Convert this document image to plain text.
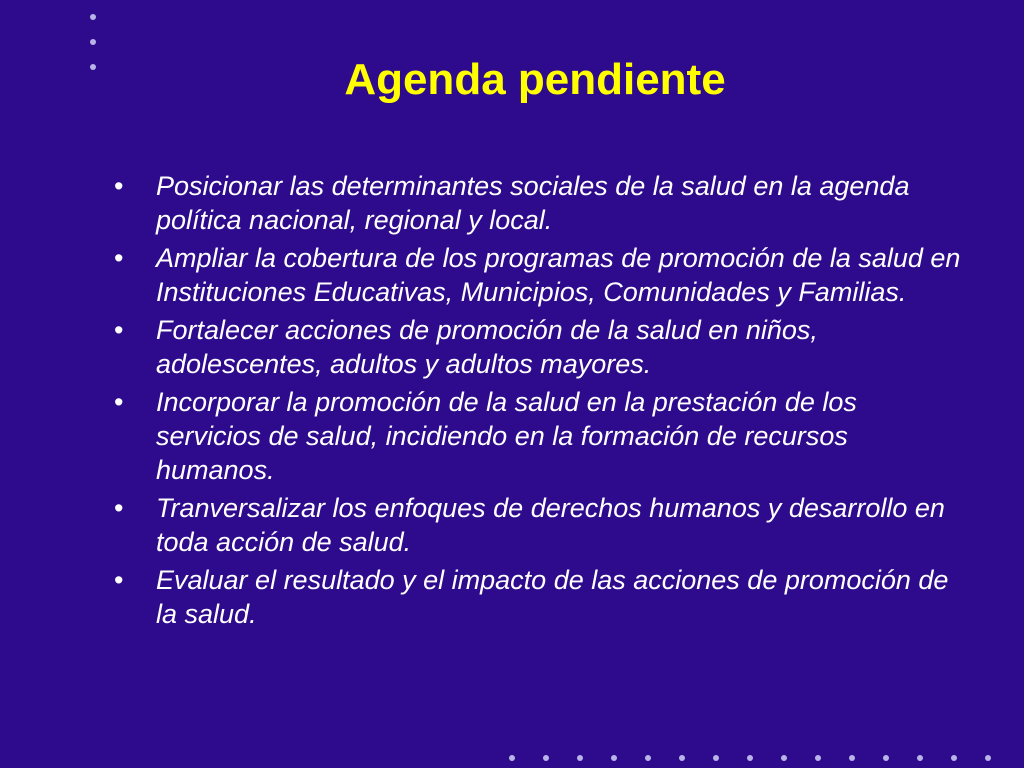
Agenda pendiente
• Posicionar las determinantes sociales de la salud en la agenda política nacional, regional y local.
• Ampliar la cobertura de los programas de promoción de la salud en Instituciones Educativas, Municipios, Comunidades y Familias.
• Fortalecer acciones de promoción de la salud en niños, adolescentes, adultos y adultos mayores.
• Incorporar la promoción de la salud en la prestación de los servicios de salud, incidiendo en la formación de recursos humanos.
• Tranversalizar los enfoques de derechos humanos y desarrollo en toda acción de salud.
• Evaluar el resultado y el impacto de las acciones de promoción de la salud.
